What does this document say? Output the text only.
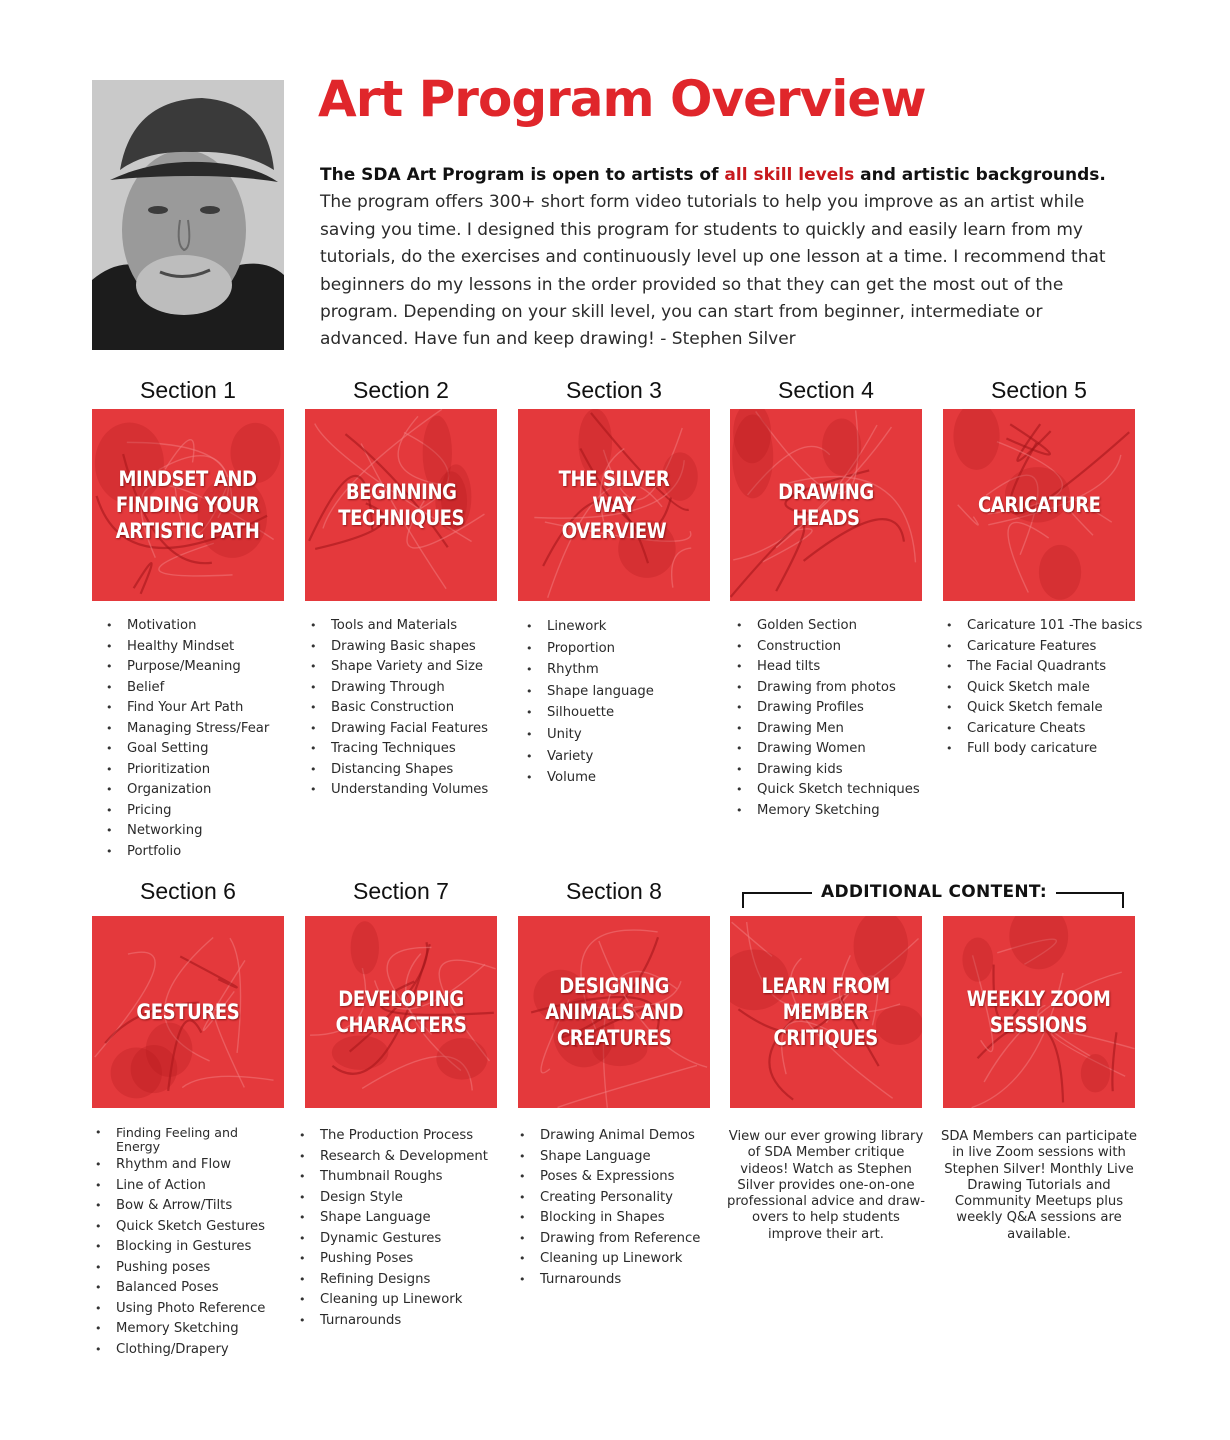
Art Program Overview

The SDA Art Program is open to artists of all skill levels and artistic backgrounds. The program offers 300+ short form video tutorials to help you improve as an artist while saving you time. I designed this program for students to quickly and easily learn from my tutorials, do the exercises and continuously level up one lesson at a time. I recommend that beginners do my lessons in the order provided so that they can get the most out of the program. Depending on your skill level, you can start from beginner, intermediate or advanced. Have fun and keep drawing! - Stephen Silver

ADDITIONAL CONTENT:
Section 1
MINDSET AND
FINDING YOUR
ARTISTIC PATH
• Motivation
• Healthy Mindset
• Purpose/Meaning
• Belief
• Find Your Art Path
• Managing Stress/Fear
• Goal Setting
• Prioritization
• Organization
• Pricing
• Networking
• Portfolio
Section 2
BEGINNING
TECHNIQUES
• Tools and Materials
• Drawing Basic shapes
• Shape Variety and Size
• Drawing Through
• Basic Construction
• Drawing Facial Features
• Tracing Techniques
• Distancing Shapes
• Understanding Volumes
Section 3
THE SILVER WAY
OVERVIEW
• Linework
• Proportion
• Rhythm
• Shape language
• Silhouette
• Unity
• Variety
• Volume
Section 4
DRAWING HEADS
• Golden Section
• Construction
• Head tilts
• Drawing from photos
• Drawing Profiles
• Drawing Men
• Drawing Women
• Drawing kids
• Quick Sketch techniques
• Memory Sketching
Section 5
CARICATURE
• Caricature 101 -The basics
• Caricature Features
• The Facial Quadrants
• Quick Sketch male
• Quick Sketch female
• Caricature Cheats
• Full body caricature
Section 6
GESTURES
• Finding Feeling and Energy
• Rhythm and Flow
• Line of Action
• Bow & Arrow/Tilts
• Quick Sketch Gestures
• Blocking in Gestures
• Pushing poses
• Balanced Poses
• Using Photo Reference
• Memory Sketching
• Clothing/Drapery
Section 7
DEVELOPING
CHARACTERS
• The Production Process
• Research & Development
• Thumbnail Roughs
• Design Style
• Shape Language
• Dynamic Gestures
• Pushing Poses
• Refining Designs
• Cleaning up Linework
• Turnarounds
Section 8
DESIGNING
ANIMALS AND
CREATURES
• Drawing Animal Demos
• Shape Language
• Poses & Expressions
• Creating Personality
• Blocking in Shapes
• Drawing from Reference
• Cleaning up Linework
• Turnarounds
LEARN FROM
MEMBER
CRITIQUES

View our ever growing library of SDA Member critique videos! Watch as Stephen Silver provides one-on-one professional advice and draw-overs to help students improve their art.

WEEKLY ZOOM
SESSIONS

SDA Members can participate in live Zoom sessions with Stephen Silver! Monthly Live Drawing Tutorials and Community Meetups plus weekly Q&A sessions are available.
